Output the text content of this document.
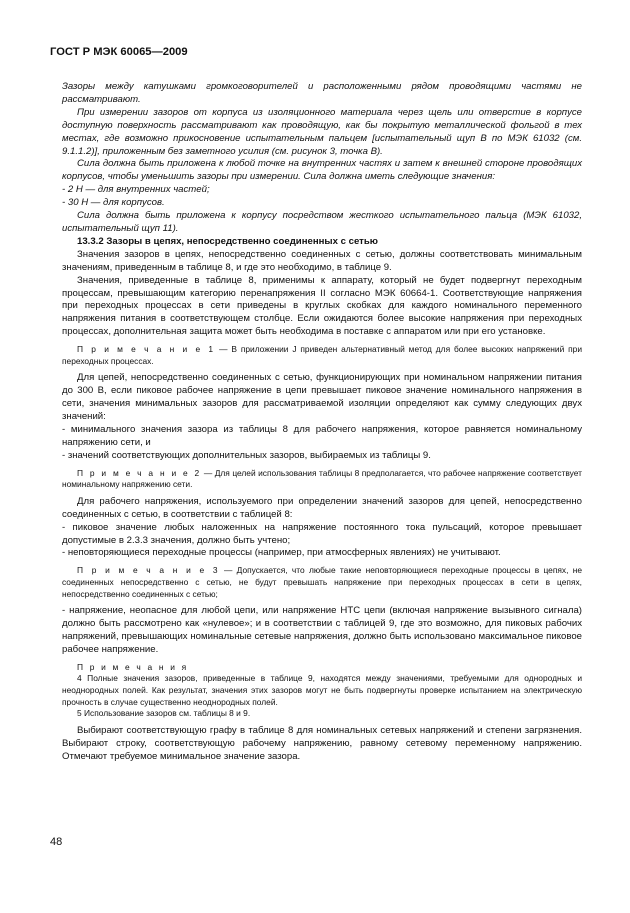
ГОСТ Р МЭК 60065—2009

Зазоры между катушками громкоговорителей и расположенными рядом проводящими частями не рассматривают.

При измерении зазоров от корпуса из изоляционного материала через щель или отверстие в корпусе доступную поверхность рассматривают как проводящую, как бы покрытую металлической фольгой в тех местах, где возможно прикосновение испытательным пальцем [испытательный щуп В по МЭК 61032 (см. 9.1.1.2)], приложенным без заметного усилия (см. рисунок 3, точка В).

Сила должна быть приложена к любой точке на внутренних частях и затем к внешней стороне проводящих корпусов, чтобы уменьшить зазоры при измерении. Сила должна иметь следующие значения:

- 2 Н — для внутренних частей;

- 30 Н — для корпусов.

Сила должна быть приложена к корпусу посредством жесткого испытательного пальца (МЭК 61032, испытательный щуп 11).

13.3.2 Зазоры в цепях, непосредственно соединенных с сетью

Значения зазоров в цепях, непосредственно соединенных с сетью, должны соответствовать минимальным значениям, приведенным в таблице 8, и где это необходимо, в таблице 9.

Значения, приведенные в таблице 8, применимы к аппарату, который не будет подвергнут переходным процессам, превышающим категорию перенапряжения II согласно МЭК 60664-1. Соответствующие напряжения при переходных процессах в сети приведены в круглых скобках для каждого номинального переменного напряжения питания в соответствующем столбце. Если ожидаются более высокие напряжения при переходных процессах, дополнительная защита может быть необходима в поставке с аппаратом или при его установке.

П р и м е ч а н и е 1 — В приложении J приведен альтернативный метод для более высоких напряжений при переходных процессах.

Для цепей, непосредственно соединенных с сетью, функционирующих при номинальном напряжении питания до 300 В, если пиковое рабочее напряжение в цепи превышает пиковое значение номинального напряжения в сети, значения минимальных зазоров для рассматриваемой изоляции определяют как сумму следующих двух значений:

- минимального значения зазора из таблицы 8 для рабочего напряжения, которое равняется номинальному напряжению сети, и

- значений соответствующих дополнительных зазоров, выбираемых из таблицы 9.

П р и м е ч а н и е 2 — Для целей использования таблицы 8 предполагается, что рабочее напряжение соответствует номинальному напряжению сети.

Для рабочего напряжения, используемого при определении значений зазоров для цепей, непосредственно соединенных с сетью, в соответствии с таблицей 8:

- пиковое значение любых наложенных на напряжение постоянного тока пульсаций, которое превышает допустимые в 2.3.3 значения, должно быть учтено;

- неповторяющиеся переходные процессы (например, при атмосферных явлениях) не учитывают.

П р и м е ч а н и е 3 — Допускается, что любые такие неповторяющиеся переходные процессы в цепях, не соединенных непосредственно с сетью, не будут превышать напряжение при переходных процессах в сети в цепях, непосредственно соединенных с сетью;

- напряжение, неопасное для любой цепи, или напряжение НТС цепи (включая напряжение вызывного сигнала) должно быть рассмотрено как «нулевое»; и в соответствии с таблицей 9, где это возможно, для пиковых рабочих напряжений, превышающих номинальные сетевые напряжения, должно быть использовано максимальное пиковое рабочее напряжение.

П р и м е ч а н и я

4 Полные значения зазоров, приведенные в таблице 9, находятся между значениями, требуемыми для однородных и неоднородных полей. Как результат, значения этих зазоров могут не быть подвергнуты проверке испытанием на электрическую прочность в случае существенно неоднородных полей.

5 Использование зазоров см. таблицы 8 и 9.

Выбирают соответствующую графу в таблице 8 для номинальных сетевых напряжений и степени загрязнения. Выбирают строку, соответствующую рабочему напряжению, равному сетевому переменному напряжению. Отмечают требуемое минимальное значение зазора.

48
